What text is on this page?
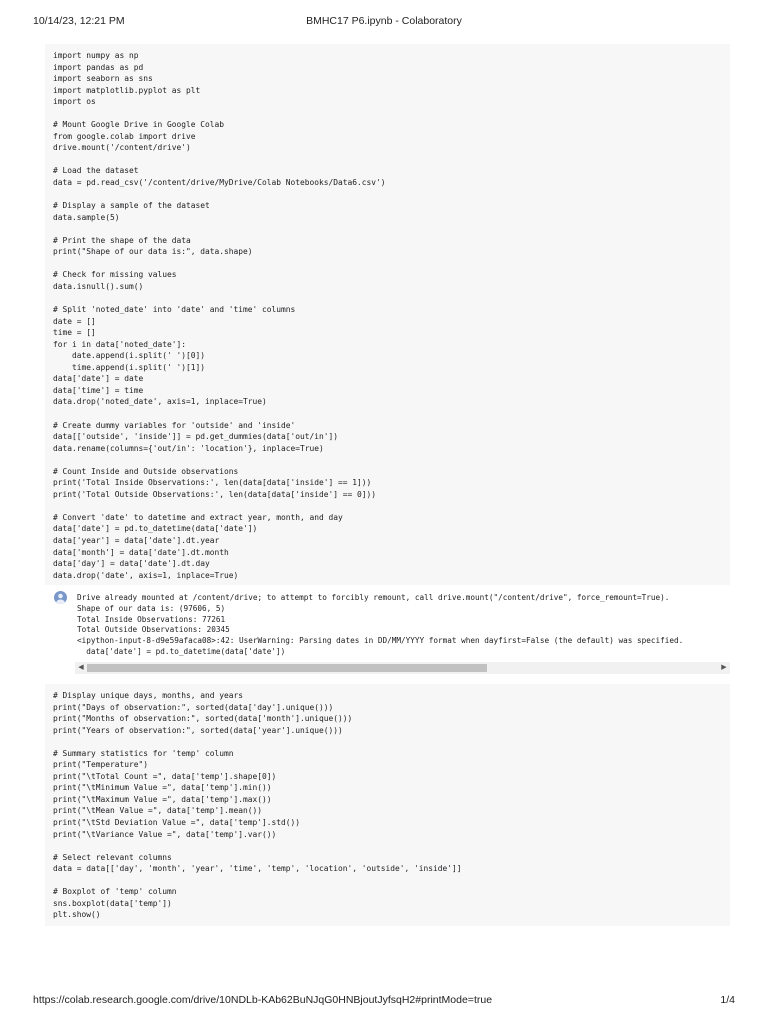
10/14/23, 12:21 PM	BMHC17 P6.ipynb - Colaboratory
import numpy as np
import pandas as pd
import seaborn as sns
import matplotlib.pyplot as plt
import os

# Mount Google Drive in Google Colab
from google.colab import drive
drive.mount('/content/drive')

# Load the dataset
data = pd.read_csv('/content/drive/MyDrive/Colab Notebooks/Data6.csv')

# Display a sample of the dataset
data.sample(5)

# Print the shape of the data
print("Shape of our data is:", data.shape)

# Check for missing values
data.isnull().sum()

# Split 'noted_date' into 'date' and 'time' columns
date = []
time = []
for i in data['noted_date']:
date.append(i.split(' ')[0])
time.append(i.split(' ')[1])
data['date'] = date
data['time'] = time
data.drop('noted_date', axis=1, inplace=True)

# Create dummy variables for 'outside' and 'inside'
data[['outside', 'inside']] = pd.get_dummies(data['out/in'])
data.rename(columns={'out/in': 'location'}, inplace=True)

# Count Inside and Outside observations
print('Total Inside Observations:', len(data[data['inside'] == 1]))
print('Total Outside Observations:', len(data[data['inside'] == 0]))

# Convert 'date' to datetime and extract year, month, and day
data['date'] = pd.to_datetime(data['date'])
data['year'] = data['date'].dt.year
data['month'] = data['date'].dt.month
data['day'] = data['date'].dt.day
data.drop('date', axis=1, inplace=True)
Drive already mounted at /content/drive; to attempt to forcibly remount, call drive.mount("/content/drive", force_remount=True).
Shape of our data is: (97606, 5)
Total Inside Observations: 77261
Total Outside Observations: 20345
<ipython-input-8-d9e59afaca08>:42: UserWarning: Parsing dates in DD/MM/YYYY format when dayfirst=False (the default) was specified.
data['date'] = pd.to_datetime(data['date'])
◀	▶
# Display unique days, months, and years
print("Days of observation:", sorted(data['day'].unique()))
print("Months of observation:", sorted(data['month'].unique()))
print("Years of observation:", sorted(data['year'].unique()))

# Summary statistics for 'temp' column
print("Temperature")
print("\tTotal Count =", data['temp'].shape[0])
print("\tMinimum Value =", data['temp'].min())
print("\tMaximum Value =", data['temp'].max())
print("\tMean Value =", data['temp'].mean())
print("\tStd Deviation Value =", data['temp'].std())
print("\tVariance Value =", data['temp'].var())

# Select relevant columns
data = data[['day', 'month', 'year', 'time', 'temp', 'location', 'outside', 'inside']]

# Boxplot of 'temp' column
sns.boxplot(data['temp'])
plt.show()
https://colab.research.google.com/drive/10NDLb-KAb62BuNJqG0HNBjoutJyfsqH2#printMode=true	1/4
